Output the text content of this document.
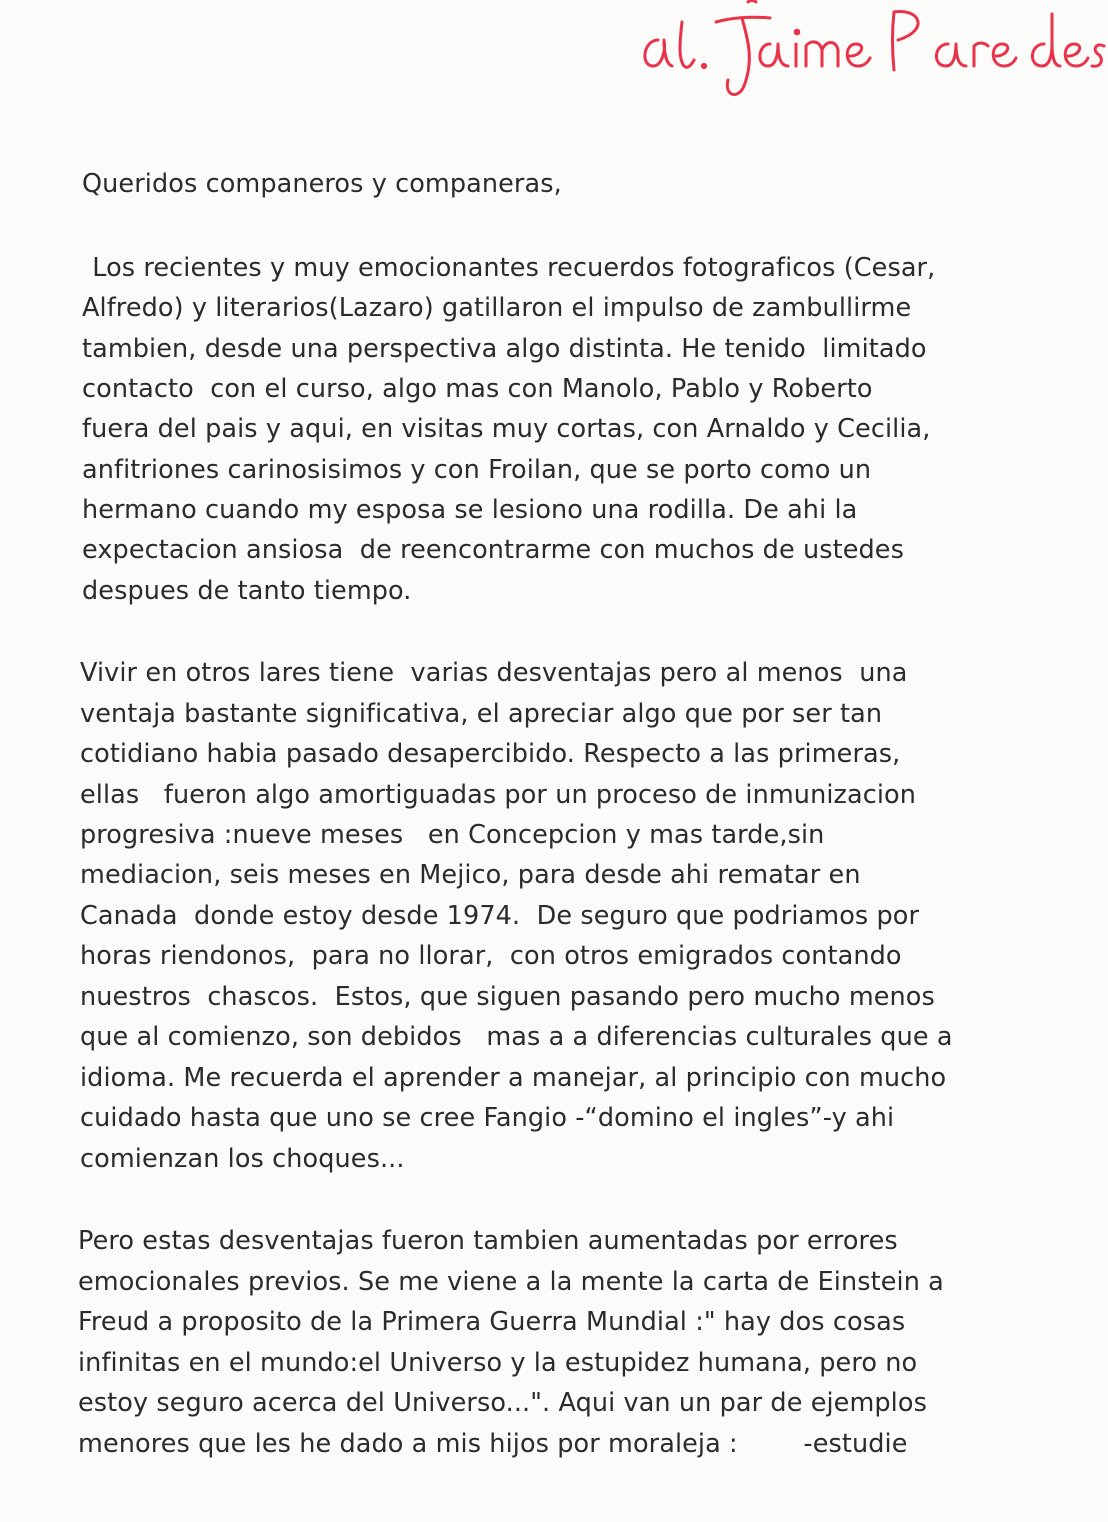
Queridos companeros y companeras,
Los recientes y muy emocionantes recuerdos fotograficos (Cesar,
Alfredo) y literarios(Lazaro) gatillaron el impulso de zambullirme
tambien, desde una perspectiva algo distinta. He tenido  limitado
contacto  con el curso, algo mas con Manolo, Pablo y Roberto
fuera del pais y aqui, en visitas muy cortas, con Arnaldo y Cecilia,
anfitriones carinosisimos y con Froilan, que se porto como un
hermano cuando my esposa se lesiono una rodilla. De ahi la
expectacion ansiosa  de reencontrarme con muchos de ustedes
despues de tanto tiempo.
Vivir en otros lares tiene  varias desventajas pero al menos  una
ventaja bastante significativa, el apreciar algo que por ser tan
cotidiano habia pasado desapercibido. Respecto a las primeras,
ellas   fueron algo amortiguadas por un proceso de inmunizacion
progresiva :nueve meses   en Concepcion y mas tarde,sin
mediacion, seis meses en Mejico, para desde ahi rematar en
Canada  donde estoy desde 1974.  De seguro que podriamos por
horas riendonos,  para no llorar,  con otros emigrados contando
nuestros  chascos.  Estos, que siguen pasando pero mucho menos
que al comienzo, son debidos   mas a a diferencias culturales que a
idioma. Me recuerda el aprender a manejar, al principio con mucho
cuidado hasta que uno se cree Fangio -“domino el ingles”-y ahi
comienzan los choques...
Pero estas desventajas fueron tambien aumentadas por errores
emocionales previos. Se me viene a la mente la carta de Einstein a
Freud a proposito de la Primera Guerra Mundial :" hay dos cosas
infinitas en el mundo:el Universo y la estupidez humana, pero no
estoy seguro acerca del Universo...". Aqui van un par de ejemplos
menores que les he dado a mis hijos por moraleja :        -estudie
